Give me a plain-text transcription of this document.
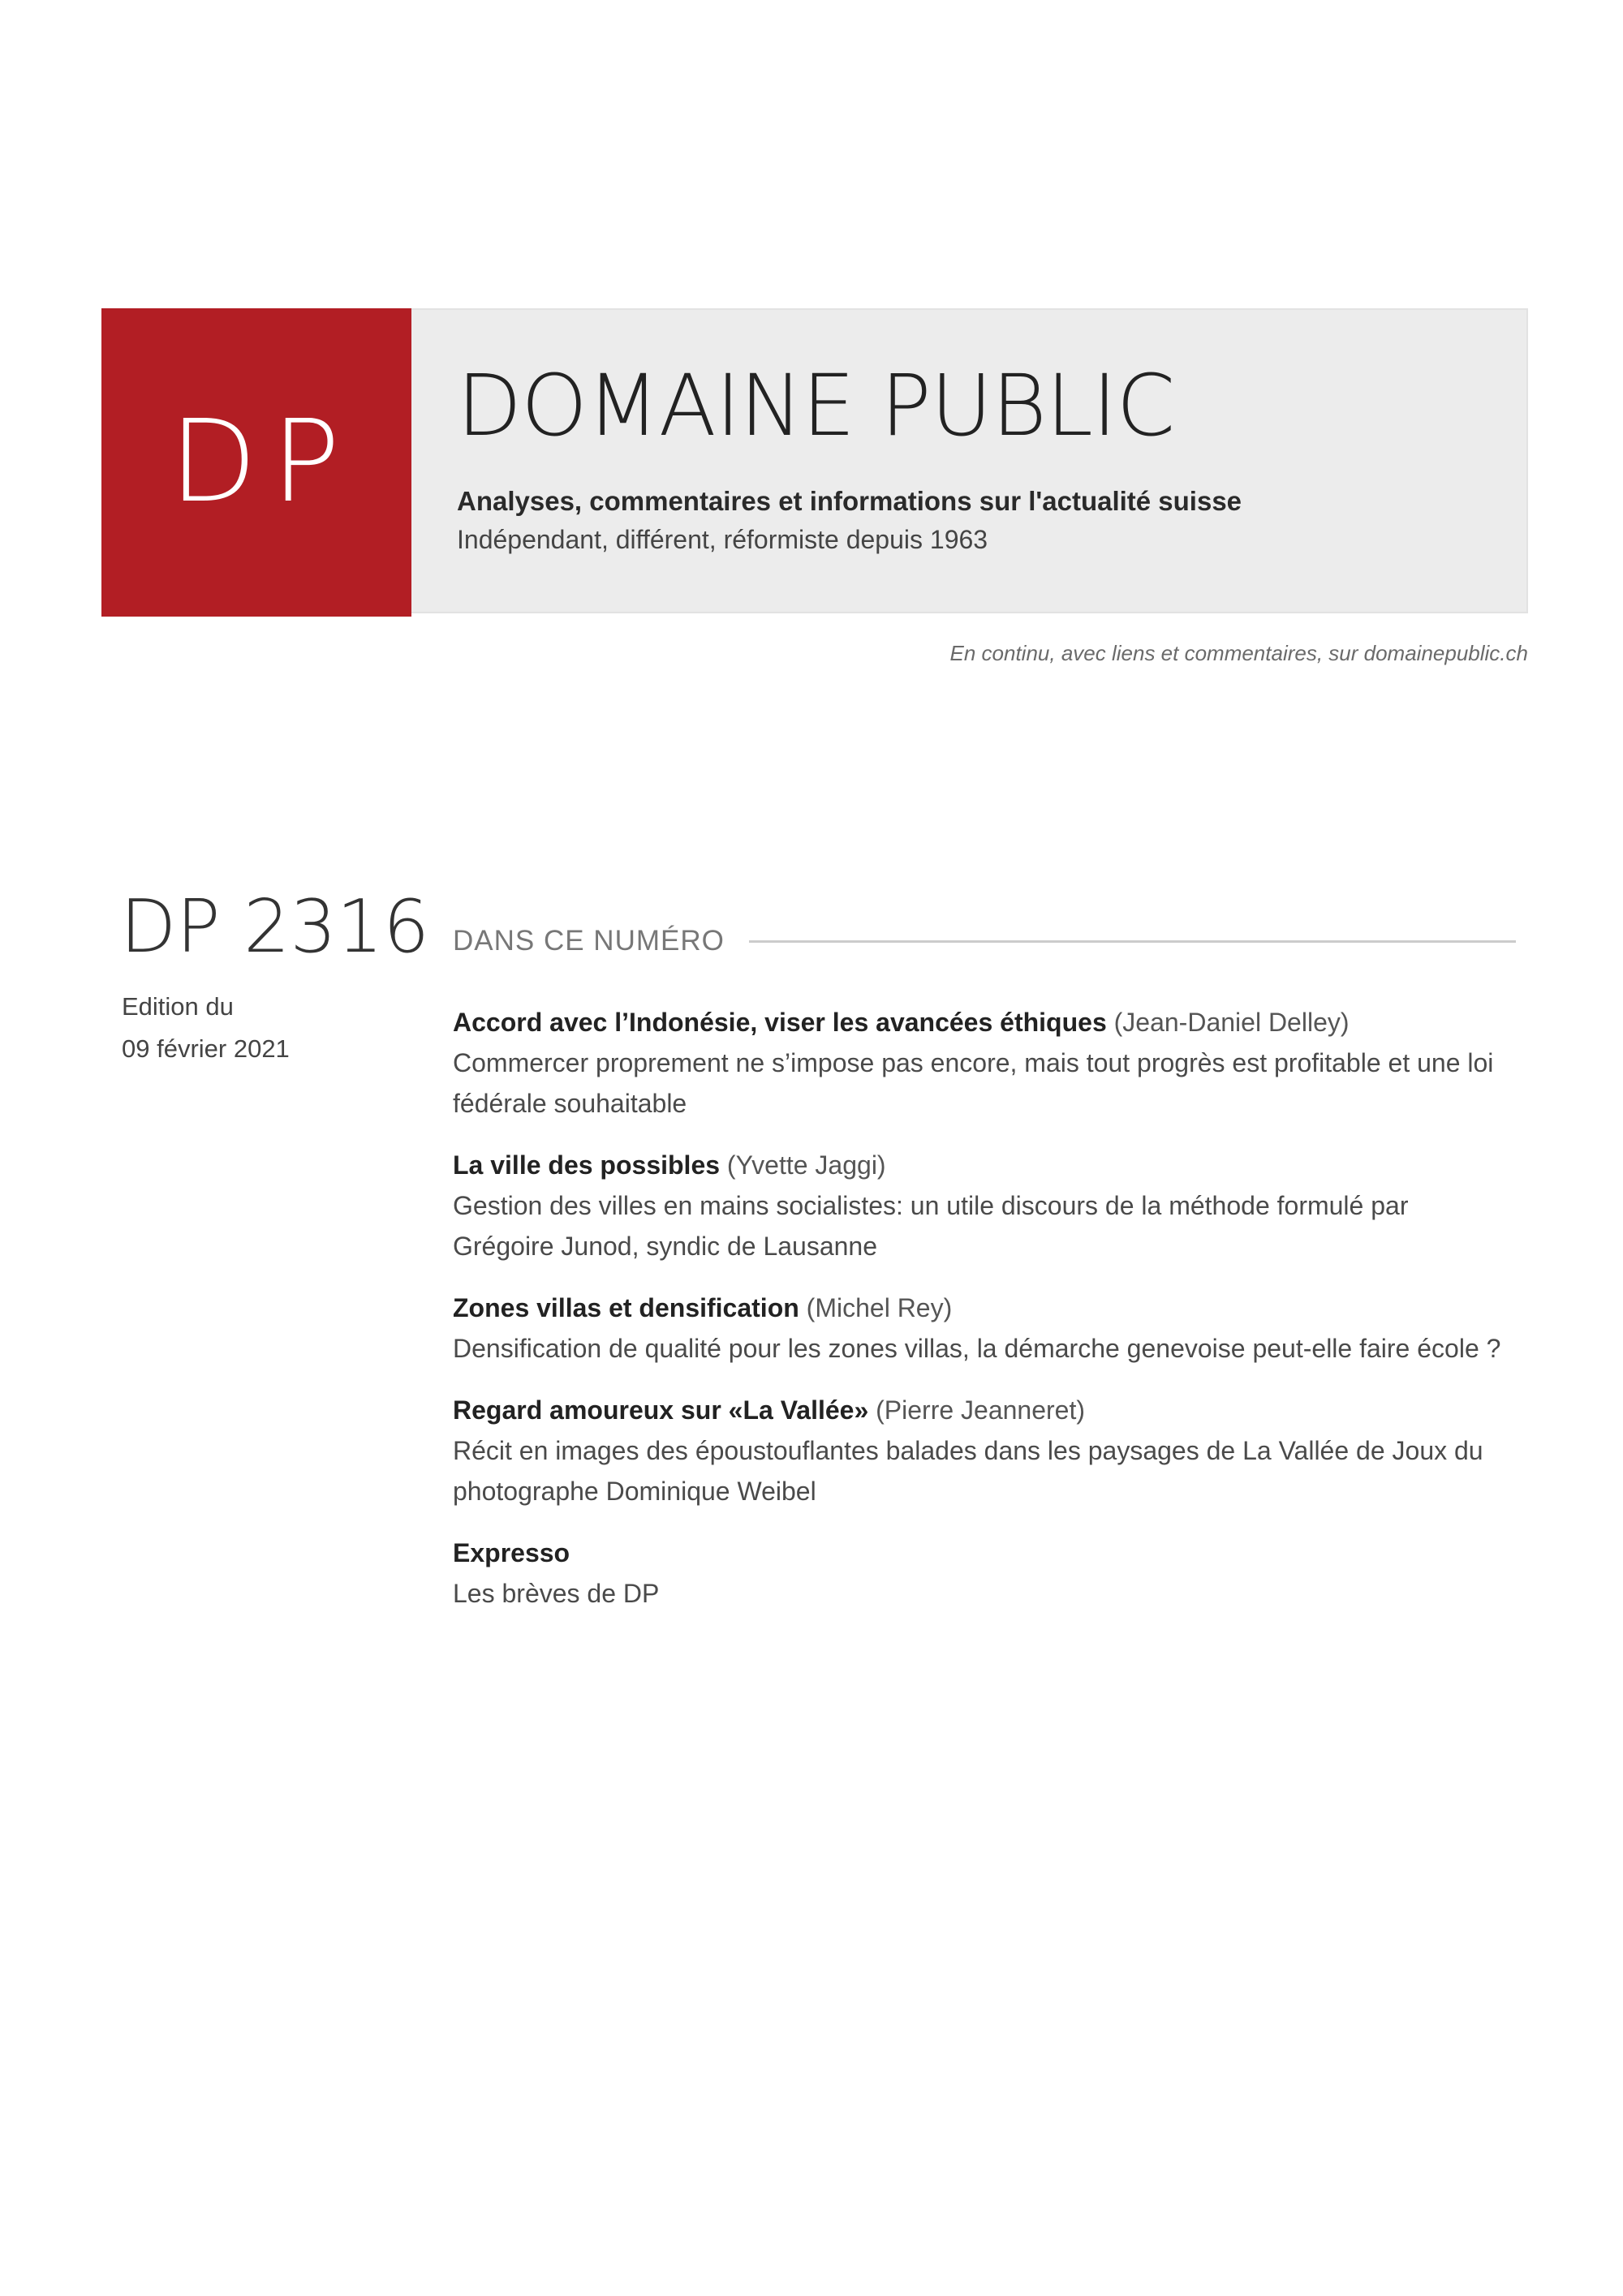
DP DOMAINE PUBLIC
Analyses, commentaires et informations sur l'actualité suisse
Indépendant, différent, réformiste depuis 1963
En continu, avec liens et commentaires, sur domainepublic.ch
DP 2316
Edition du
09 février 2021
DANS CE NUMÉRO
Accord avec l’Indonésie, viser les avancées éthiques (Jean-Daniel Delley)
Commercer proprement ne s’impose pas encore, mais tout progrès est profitable et une loi fédérale souhaitable
La ville des possibles (Yvette Jaggi)
Gestion des villes en mains socialistes: un utile discours de la méthode formulé par Grégoire Junod, syndic de Lausanne
Zones villas et densification (Michel Rey)
Densification de qualité pour les zones villas, la démarche genevoise peut-elle faire école ?
Regard amoureux sur «La Vallée» (Pierre Jeanneret)
Récit en images des époustouflantes balades dans les paysages de La Vallée de Joux du photographe Dominique Weibel
Expresso
Les brèves de DP
